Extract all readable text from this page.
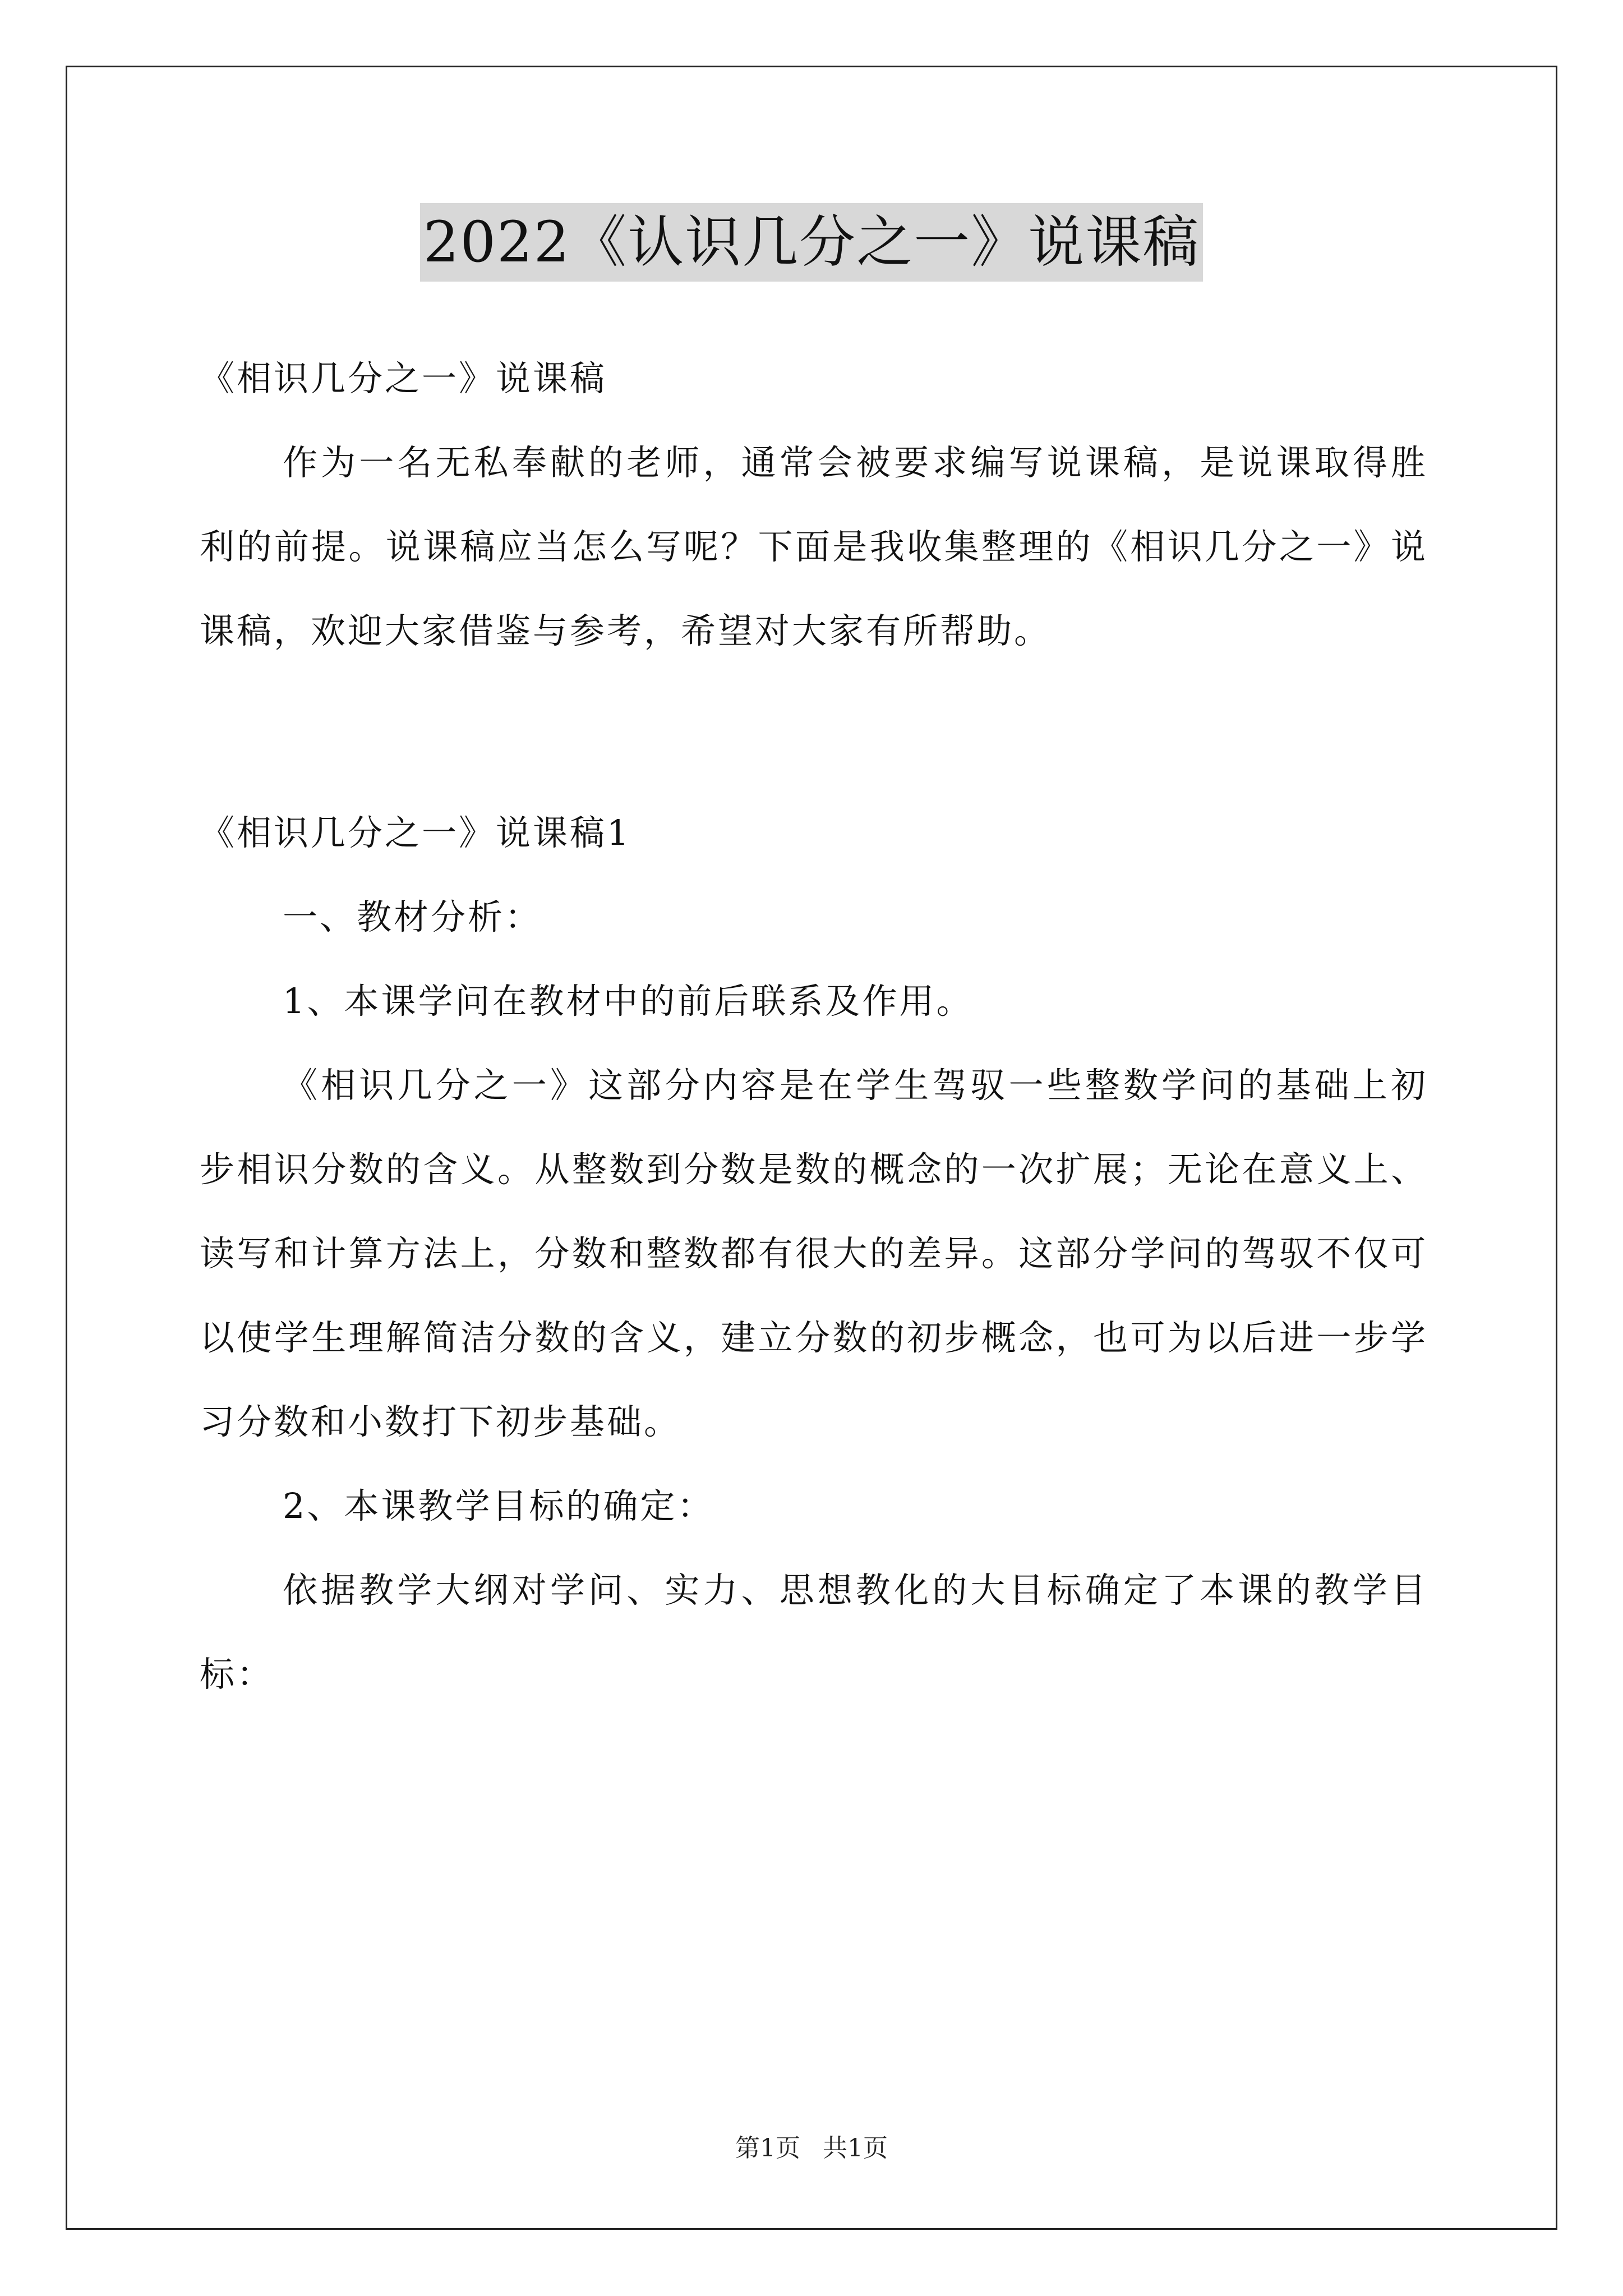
2022《认识几分之一》说课稿

《相识几分之一》说课稿

作为一名无私奉献的老师，通常会被要求编写说课稿，是说课取得胜利的前提。说课稿应当怎么写呢？下面是我收集整理的《相识几分之一》说课稿，欢迎大家借鉴与参考，希望对大家有所帮助。

《相识几分之一》说课稿1

一、教材分析：

1、本课学问在教材中的前后联系及作用。

《相识几分之一》这部分内容是在学生驾驭一些整数学问的基础上初步相识分数的含义。从整数到分数是数的概念的一次扩展；无论在意义上、读写和计算方法上，分数和整数都有很大的差异。这部分学问的驾驭不仅可以使学生理解简洁分数的含义，建立分数的初步概念，也可为以后进一步学习分数和小数打下初步基础。

2、本课教学目标的确定：

依据教学大纲对学问、实力、思想教化的大目标确定了本课的教学目标：

第1页 共1页
